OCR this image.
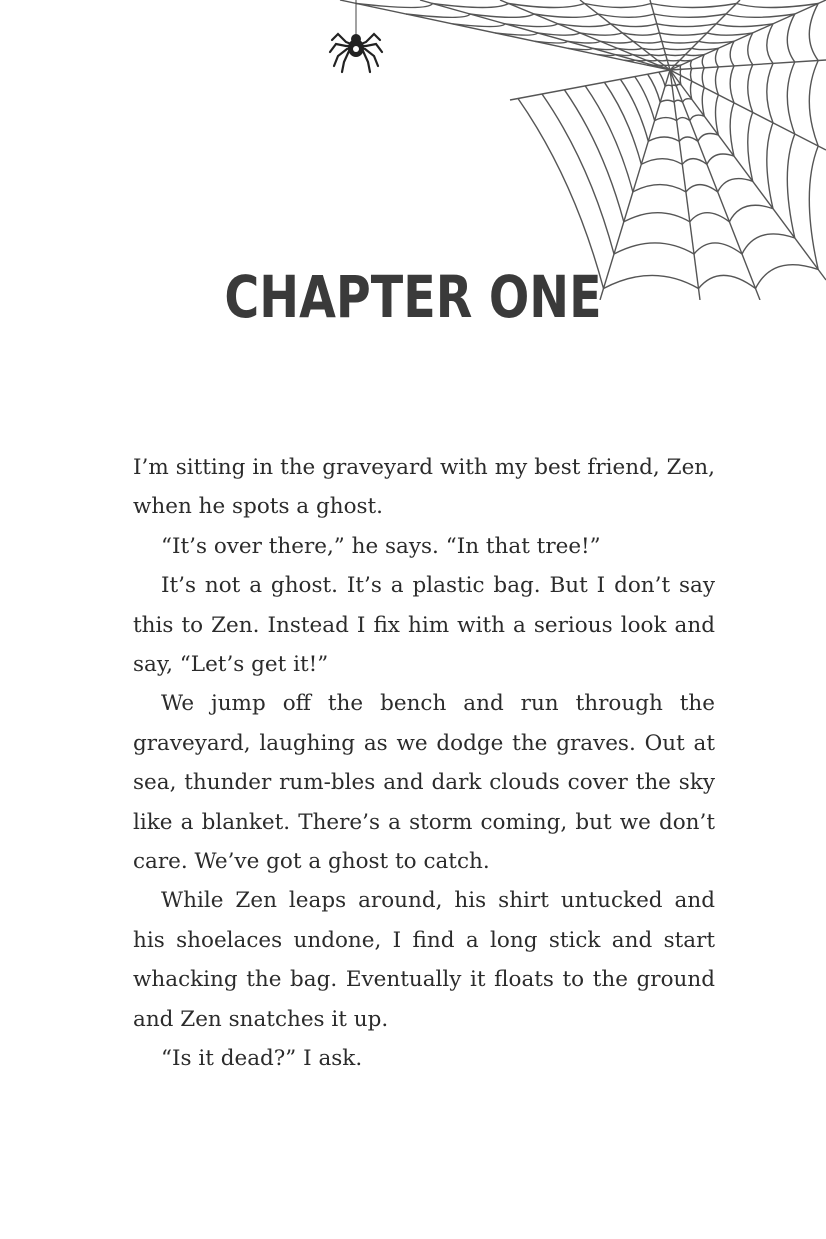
CHAPTER ONE

I’m sitting in the graveyard with my best friend, Zen, when he spots a ghost.

“It’s over there,” he says. “In that tree!”

It’s not a ghost. It’s a plastic bag. But I don’t say this to Zen. Instead I fix him with a serious look and say, “Let’s get it!”

We jump off the bench and run through the graveyard, laughing as we dodge the graves. Out at sea, thunder rum-bles and dark clouds cover the sky like a blanket. There’s a storm coming, but we don’t care. We’ve got a ghost to catch.

While Zen leaps around, his shirt untucked and his shoelaces undone, I find a long stick and start whacking the bag. Eventually it floats to the ground and Zen snatches it up.

“Is it dead?” I ask.
